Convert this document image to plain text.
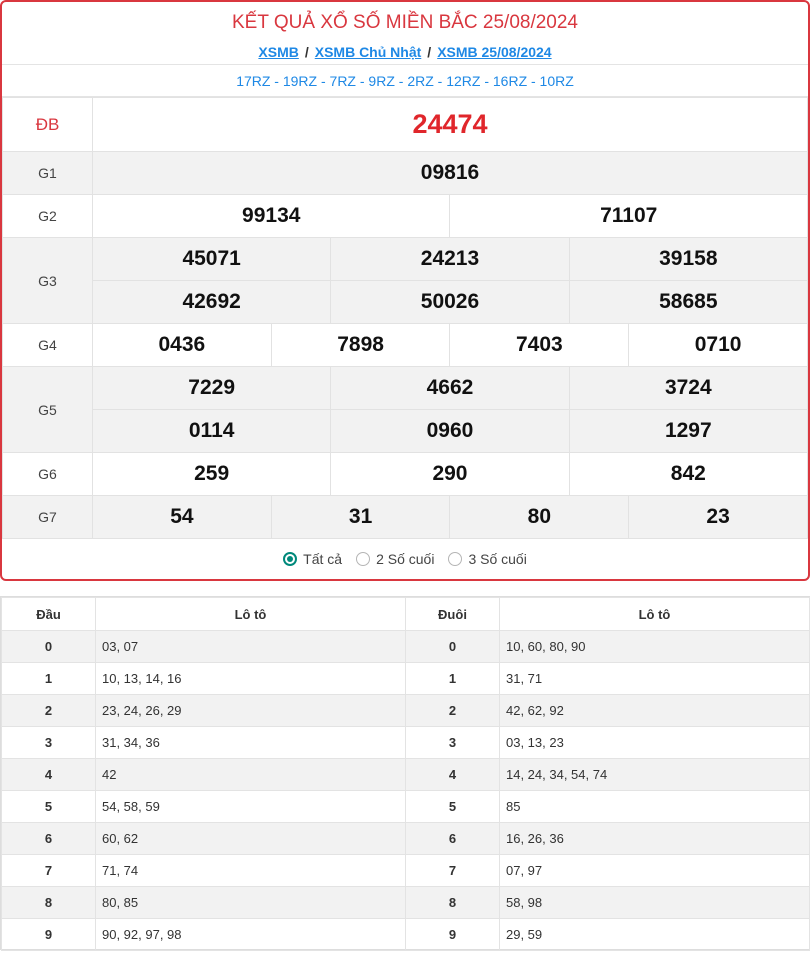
KẾT QUẢ XỔ SỐ MIỀN BẮC 25/08/2024
XSMB / XSMB Chủ Nhật / XSMB 25/08/2024
17RZ - 19RZ - 7RZ - 9RZ - 2RZ - 12RZ - 16RZ - 10RZ
ĐB	24474					
G1	09816					
G2	99134			71107		
G3	45071		24213		39158	
	42692		50026		58685	
G4	0436	7898		7403		0710
G5	7229		4662		3724	
	0114		0960		1297	
G6	259		290		842	
G7	54	31		80		23
Tất cả 2 Số cuối 3 Số cuối
Đầu	Lô tô	Đuôi	Lô tô
0	03, 07	0	10, 60, 80, 90
1	10, 13, 14, 16	1	31, 71
2	23, 24, 26, 29	2	42, 62, 92
3	31, 34, 36	3	03, 13, 23
4	42	4	14, 24, 34, 54, 74
5	54, 58, 59	5	85
6	60, 62	6	16, 26, 36
7	71, 74	7	07, 97
8	80, 85	8	58, 98
9	90, 92, 97, 98	9	29, 59
